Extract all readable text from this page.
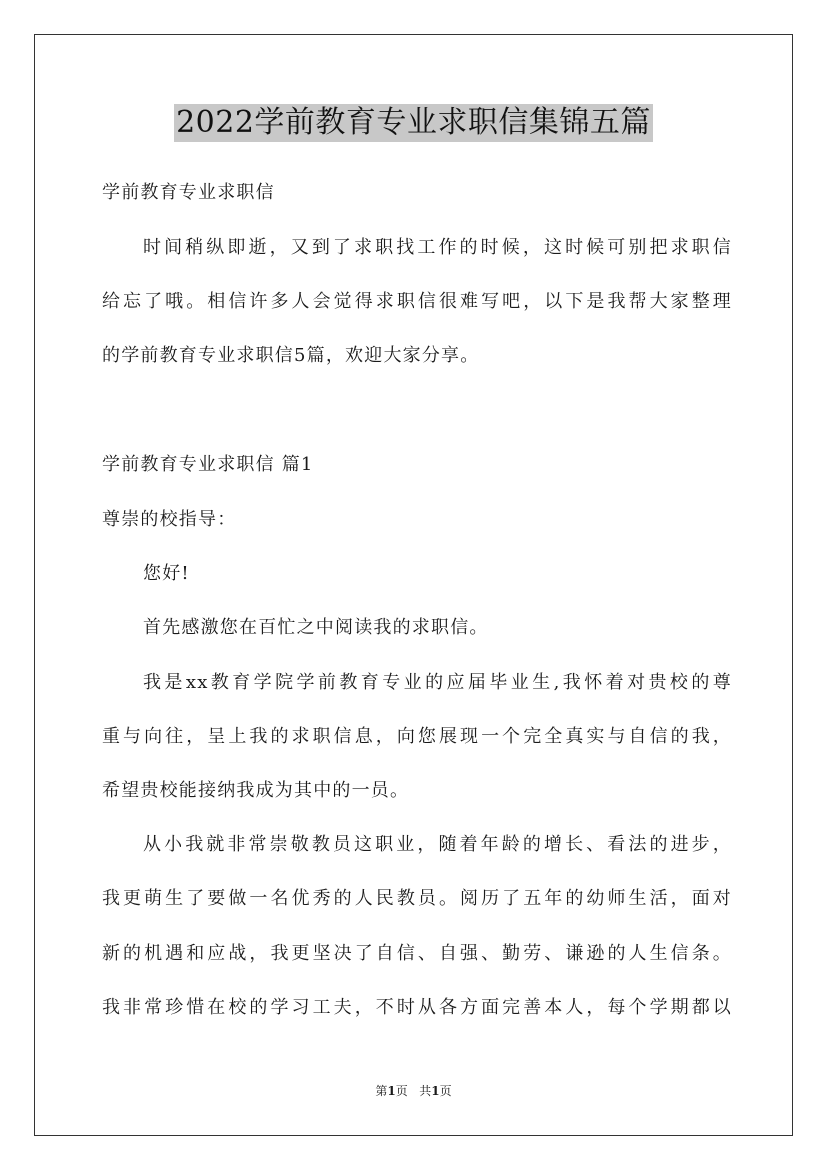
2022学前教育专业求职信集锦五篇
学前教育专业求职信
时间稍纵即逝，又到了求职找工作的时候，这时候可别把求职信
给忘了哦。相信许多人会觉得求职信很难写吧，以下是我帮大家整理
的学前教育专业求职信5篇，欢迎大家分享。
学前教育专业求职信 篇1
尊崇的校指导：
您好!
首先感激您在百忙之中阅读我的求职信。
我是xx教育学院学前教育专业的应届毕业生,我怀着对贵校的尊
重与向往，呈上我的求职信息，向您展现一个完全真实与自信的我，
希望贵校能接纳我成为其中的一员。
从小我就非常崇敬教员这职业，随着年龄的增长、看法的进步，
我更萌生了要做一名优秀的人民教员。阅历了五年的幼师生活，面对
新的机遇和应战，我更坚决了自信、自强、勤劳、谦逊的人生信条。
我非常珍惜在校的学习工夫，不时从各方面完善本人，每个学期都以
第1页   共1页
